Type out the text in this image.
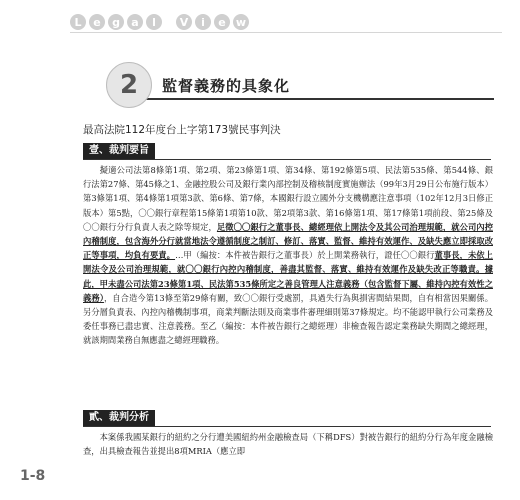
L	e	g	a	l	V	i	e w
2	監督義務的具象化
最高法院112年度台上字第173號民事判決
壹、裁判要旨

擬適公司法第8條第1項、第2項、第23條第1項、第34條、第192條第5項、民法第535條、第544條、銀行法第27條、第45條之1、金融控股公司及銀行業內部控制及稽核制度實施辦法（99年3月29日公布施行版本）第3條第1項、第4條第1項第3款、第6條、第7條，本國銀行設立國外分支機構應注意事項（102年12月3日修正版本）第5點，〇〇銀行章程第15條第1項第10款、第2項第3款、第16條第1項、第17條第1項前段、第25條及〇〇銀行分行負責人表之除等規定，足徵〇〇銀行之董事長、總經理依上開法令及其公司治理規範，就公司內控內稽制度，包含海外分行就當地法令遵循制度之制訂、修訂、落實、監督、維持有效運作、及缺失應立即採取改正等事項，均負有要責。…甲（編按：本件被告銀行之董事長）於上開業務執行，證任〇〇銀行董事長，未依上開法令及公司治理規範，就〇〇銀行內控內稽制度，善盡其監督、落實、維持有效運作及缺失改正等職責。據此，甲未盡公司法第23條第1項、民法第535條所定之善良管理人注意義務（包含監督下屬、維持內控有效性之義務），自合造今第13條至第29條有關，致〇〇銀行受處罰，具過失行為與損害間結果間，自有相當因果關係。另分層負責表、內控內稽機制事項，商業判斷法則及商業事件審理細則第37條規定。均不能認甲執行公司業務及委任事務已盡忠實、注意義務。至乙（編按：本件被告銀行之總經理）非檢查報告認定業務缺失期間之總經理，就該期間業務自無應盡之總經理職務。

貳、裁判分析

本案係我國某銀行的紐約之分行遭美國紐約州金融檢查局（下稱DFS）對被告銀行的紐約分行為年度金融檢查，出具檢查報告並提出8項MRIA（應立即

1-8
